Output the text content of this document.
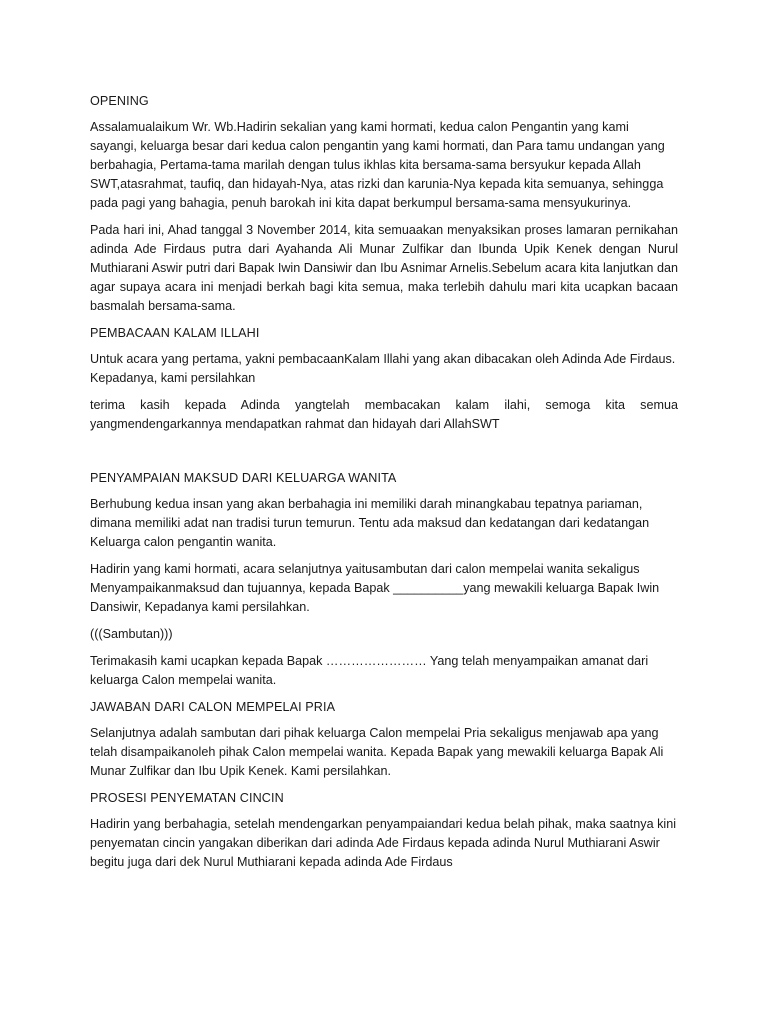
OPENING

Assalamualaikum Wr. Wb.Hadirin sekalian yang kami hormati, kedua calon Pengantin yang kami sayangi, keluarga besar dari kedua calon pengantin yang kami hormati, dan Para tamu undangan yang berbahagia, Pertama-tama marilah dengan tulus ikhlas kita bersama-sama bersyukur kepada Allah SWT,atasrahmat, taufiq, dan hidayah-Nya, atas rizki dan karunia-Nya kepada kita semuanya, sehingga pada pagi yang bahagia, penuh barokah ini kita dapat berkumpul bersama-sama mensyukurinya.

Pada hari ini, Ahad tanggal 3 November 2014, kita semuaakan menyaksikan proses lamaran pernikahan adinda Ade Firdaus putra dari Ayahanda Ali Munar Zulfikar dan Ibunda Upik Kenek dengan Nurul Muthiarani Aswir putri dari Bapak Iwin Dansiwir dan Ibu Asnimar Arnelis.Sebelum acara kita lanjutkan dan agar supaya acara ini menjadi berkah bagi kita semua, maka terlebih dahulu mari kita ucapkan bacaan basmalah bersama-sama.

PEMBACAAN KALAM ILLAHI

Untuk acara yang pertama, yakni pembacaanKalam Illahi yang akan dibacakan oleh Adinda Ade Firdaus. Kepadanya, kami persilahkan

terima kasih kepada Adinda yangtelah membacakan kalam ilahi, semoga kita semua yangmendengarkannya mendapatkan rahmat dan hidayah dari AllahSWT

PENYAMPAIAN MAKSUD DARI KELUARGA WANITA

Berhubung kedua insan yang akan berbahagia ini memiliki darah minangkabau tepatnya pariaman, dimana memiliki adat nan tradisi turun temurun. Tentu ada maksud dan kedatangan dari kedatangan Keluarga calon pengantin wanita.

Hadirin yang kami hormati, acara selanjutnya yaitusambutan dari calon mempelai wanita sekaligus Menyampaikanmaksud dan tujuannya, kepada Bapak __________yang mewakili keluarga Bapak Iwin Dansiwir, Kepadanya kami persilahkan.

(((Sambutan)))

Terimakasih kami ucapkan kepada Bapak …………………… Yang telah menyampaikan amanat dari keluarga Calon mempelai wanita.

JAWABAN DARI CALON MEMPELAI PRIA

Selanjutnya adalah sambutan dari pihak keluarga Calon mempelai Pria sekaligus menjawab apa yang telah disampaikanoleh pihak Calon mempelai wanita. Kepada Bapak yang mewakili keluarga Bapak Ali Munar Zulfikar dan Ibu Upik Kenek. Kami persilahkan.

PROSESI PENYEMATAN CINCIN

Hadirin yang berbahagia, setelah mendengarkan penyampaiandari kedua belah pihak, maka saatnya kini penyematan cincin yangakan diberikan dari adinda Ade Firdaus kepada adinda Nurul Muthiarani Aswir begitu juga dari dek Nurul Muthiarani kepada adinda Ade Firdaus
